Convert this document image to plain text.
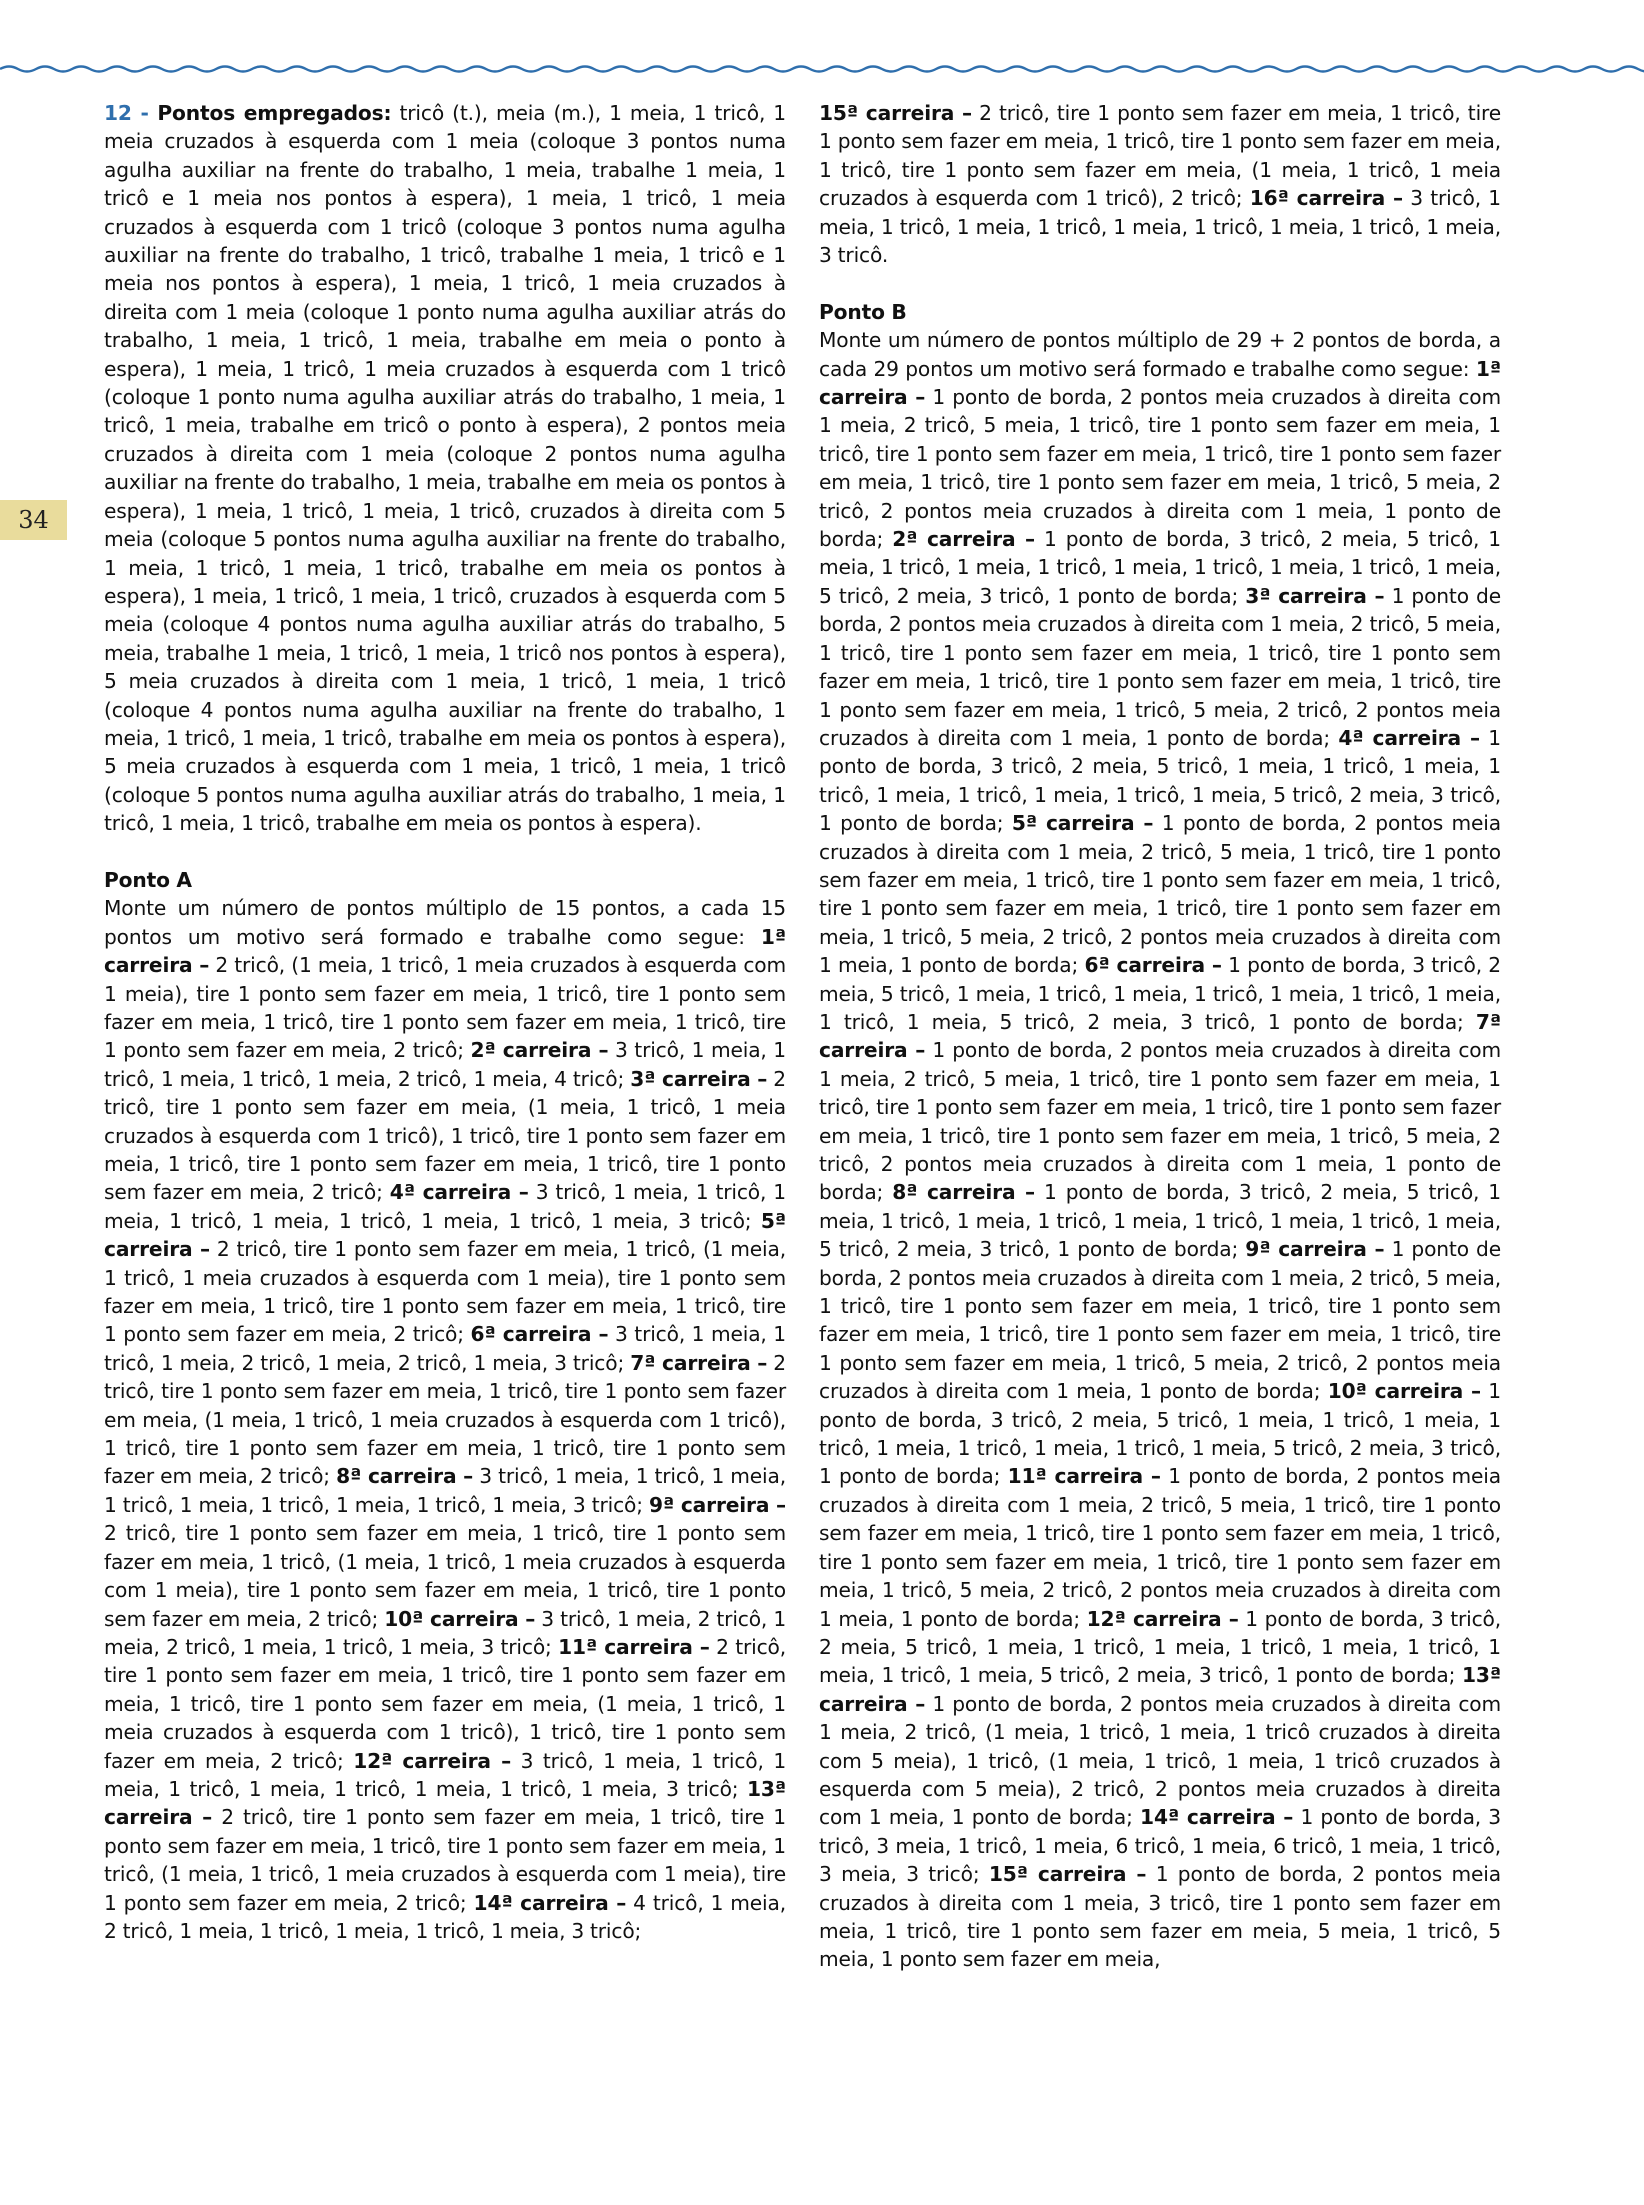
34

12 - Pontos empregados: tricô (t.), meia (m.), 1 meia, 1 tricô, 1 meia cruzados à esquerda com 1 meia (coloque 3 pontos numa agulha auxiliar na frente do trabalho, 1 meia, trabalhe 1 meia, 1 tricô e 1 meia nos pontos à espera), 1 meia, 1 tricô, 1 meia cruzados à esquerda com 1 tricô (coloque 3 pontos numa agulha auxiliar na frente do trabalho, 1 tricô, trabalhe 1 meia, 1 tricô e 1 meia nos pontos à espera), 1 meia, 1 tricô, 1 meia cruzados à direita com 1 meia (coloque 1 ponto numa agulha auxiliar atrás do trabalho, 1 meia, 1 tricô, 1 meia, trabalhe em meia o ponto à espera), 1 meia, 1 tricô, 1 meia cruzados à esquerda com 1 tricô (coloque 1 ponto numa agulha auxiliar atrás do trabalho, 1 meia, 1 tricô, 1 meia, trabalhe em tricô o ponto à espera), 2 pontos meia cruzados à direita com 1 meia (coloque 2 pontos numa agulha auxiliar na frente do trabalho, 1 meia, trabalhe em meia os pontos à espera), 1 meia, 1 tricô, 1 meia, 1 tricô, cruzados à direita com 5 meia (coloque 5 pontos numa agulha auxiliar na frente do trabalho, 1 meia, 1 tricô, 1 meia, 1 tricô, trabalhe em meia os pontos à espera), 1 meia, 1 tricô, 1 meia, 1 tricô, cruzados à esquerda com 5 meia (coloque 4 pontos numa agulha auxiliar atrás do trabalho, 5 meia, trabalhe 1 meia, 1 tricô, 1 meia, 1 tricô nos pontos à espera), 5 meia cruzados à direita com 1 meia, 1 tricô, 1 meia, 1 tricô (coloque 4 pontos numa agulha auxiliar na frente do trabalho, 1 meia, 1 tricô, 1 meia, 1 tricô, trabalhe em meia os pontos à espera), 5 meia cruzados à esquerda com 1 meia, 1 tricô, 1 meia, 1 tricô (coloque 5 pontos numa agulha auxiliar atrás do trabalho, 1 meia, 1 tricô, 1 meia, 1 tricô, trabalhe em meia os pontos à espera).

Ponto A

Monte um número de pontos múltiplo de 15 pontos, a cada 15 pontos um motivo será formado e trabalhe como segue: 1ª carreira – 2 tricô, (1 meia, 1 tricô, 1 meia cruzados à esquerda com 1 meia), tire 1 ponto sem fazer em meia, 1 tricô, tire 1 ponto sem fazer em meia, 1 tricô, tire 1 ponto sem fazer em meia, 1 tricô, tire 1 ponto sem fazer em meia, 2 tricô; 2ª carreira – 3 tricô, 1 meia, 1 tricô, 1 meia, 1 tricô, 1 meia, 2 tricô, 1 meia, 4 tricô; 3ª carreira – 2 tricô, tire 1 ponto sem fazer em meia, (1 meia, 1 tricô, 1 meia cruzados à esquerda com 1 tricô), 1 tricô, tire 1 ponto sem fazer em meia, 1 tricô, tire 1 ponto sem fazer em meia, 1 tricô, tire 1 ponto sem fazer em meia, 2 tricô; 4ª carreira – 3 tricô, 1 meia, 1 tricô, 1 meia, 1 tricô, 1 meia, 1 tricô, 1 meia, 1 tricô, 1 meia, 3 tricô; 5ª carreira – 2 tricô, tire 1 ponto sem fazer em meia, 1 tricô, (1 meia, 1 tricô, 1 meia cruzados à esquerda com 1 meia), tire 1 ponto sem fazer em meia, 1 tricô, tire 1 ponto sem fazer em meia, 1 tricô, tire 1 ponto sem fazer em meia, 2 tricô; 6ª carreira – 3 tricô, 1 meia, 1 tricô, 1 meia, 2 tricô, 1 meia, 2 tricô, 1 meia, 3 tricô; 7ª carreira – 2 tricô, tire 1 ponto sem fazer em meia, 1 tricô, tire 1 ponto sem fazer em meia, (1 meia, 1 tricô, 1 meia cruzados à esquerda com 1 tricô), 1 tricô, tire 1 ponto sem fazer em meia, 1 tricô, tire 1 ponto sem fazer em meia, 2 tricô; 8ª carreira – 3 tricô, 1 meia, 1 tricô, 1 meia, 1 tricô, 1 meia, 1 tricô, 1 meia, 1 tricô, 1 meia, 3 tricô; 9ª carreira – 2 tricô, tire 1 ponto sem fazer em meia, 1 tricô, tire 1 ponto sem fazer em meia, 1 tricô, (1 meia, 1 tricô, 1 meia cruzados à esquerda com 1 meia), tire 1 ponto sem fazer em meia, 1 tricô, tire 1 ponto sem fazer em meia, 2 tricô; 10ª carreira – 3 tricô, 1 meia, 2 tricô, 1 meia, 2 tricô, 1 meia, 1 tricô, 1 meia, 3 tricô; 11ª carreira – 2 tricô, tire 1 ponto sem fazer em meia, 1 tricô, tire 1 ponto sem fazer em meia, 1 tricô, tire 1 ponto sem fazer em meia, (1 meia, 1 tricô, 1 meia cruzados à esquerda com 1 tricô), 1 tricô, tire 1 ponto sem fazer em meia, 2 tricô; 12ª carreira – 3 tricô, 1 meia, 1 tricô, 1 meia, 1 tricô, 1 meia, 1 tricô, 1 meia, 1 tricô, 1 meia, 3 tricô; 13ª carreira – 2 tricô, tire 1 ponto sem fazer em meia, 1 tricô, tire 1 ponto sem fazer em meia, 1 tricô, tire 1 ponto sem fazer em meia, 1 tricô, (1 meia, 1 tricô, 1 meia cruzados à esquerda com 1 meia), tire 1 ponto sem fazer em meia, 2 tricô; 14ª carreira – 4 tricô, 1 meia, 2 tricô, 1 meia, 1 tricô, 1 meia, 1 tricô, 1 meia, 3 tricô;

15ª carreira – 2 tricô, tire 1 ponto sem fazer em meia, 1 tricô, tire 1 ponto sem fazer em meia, 1 tricô, tire 1 ponto sem fazer em meia, 1 tricô, tire 1 ponto sem fazer em meia, (1 meia, 1 tricô, 1 meia cruzados à esquerda com 1 tricô), 2 tricô; 16ª carreira – 3 tricô, 1 meia, 1 tricô, 1 meia, 1 tricô, 1 meia, 1 tricô, 1 meia, 1 tricô, 1 meia, 3 tricô.

Ponto B

Monte um número de pontos múltiplo de 29 + 2 pontos de borda, a cada 29 pontos um motivo será formado e trabalhe como segue: 1ª carreira – 1 ponto de borda, 2 pontos meia cruzados à direita com 1 meia, 2 tricô, 5 meia, 1 tricô, tire 1 ponto sem fazer em meia, 1 tricô, tire 1 ponto sem fazer em meia, 1 tricô, tire 1 ponto sem fazer em meia, 1 tricô, tire 1 ponto sem fazer em meia, 1 tricô, 5 meia, 2 tricô, 2 pontos meia cruzados à direita com 1 meia, 1 ponto de borda; 2ª carreira – 1 ponto de borda, 3 tricô, 2 meia, 5 tricô, 1 meia, 1 tricô, 1 meia, 1 tricô, 1 meia, 1 tricô, 1 meia, 1 tricô, 1 meia, 5 tricô, 2 meia, 3 tricô, 1 ponto de borda; 3ª carreira – 1 ponto de borda, 2 pontos meia cruzados à direita com 1 meia, 2 tricô, 5 meia, 1 tricô, tire 1 ponto sem fazer em meia, 1 tricô, tire 1 ponto sem fazer em meia, 1 tricô, tire 1 ponto sem fazer em meia, 1 tricô, tire 1 ponto sem fazer em meia, 1 tricô, 5 meia, 2 tricô, 2 pontos meia cruzados à direita com 1 meia, 1 ponto de borda; 4ª carreira – 1 ponto de borda, 3 tricô, 2 meia, 5 tricô, 1 meia, 1 tricô, 1 meia, 1 tricô, 1 meia, 1 tricô, 1 meia, 1 tricô, 1 meia, 5 tricô, 2 meia, 3 tricô, 1 ponto de borda; 5ª carreira – 1 ponto de borda, 2 pontos meia cruzados à direita com 1 meia, 2 tricô, 5 meia, 1 tricô, tire 1 ponto sem fazer em meia, 1 tricô, tire 1 ponto sem fazer em meia, 1 tricô, tire 1 ponto sem fazer em meia, 1 tricô, tire 1 ponto sem fazer em meia, 1 tricô, 5 meia, 2 tricô, 2 pontos meia cruzados à direita com 1 meia, 1 ponto de borda; 6ª carreira – 1 ponto de borda, 3 tricô, 2 meia, 5 tricô, 1 meia, 1 tricô, 1 meia, 1 tricô, 1 meia, 1 tricô, 1 meia, 1 tricô, 1 meia, 5 tricô, 2 meia, 3 tricô, 1 ponto de borda; 7ª carreira – 1 ponto de borda, 2 pontos meia cruzados à direita com 1 meia, 2 tricô, 5 meia, 1 tricô, tire 1 ponto sem fazer em meia, 1 tricô, tire 1 ponto sem fazer em meia, 1 tricô, tire 1 ponto sem fazer em meia, 1 tricô, tire 1 ponto sem fazer em meia, 1 tricô, 5 meia, 2 tricô, 2 pontos meia cruzados à direita com 1 meia, 1 ponto de borda; 8ª carreira – 1 ponto de borda, 3 tricô, 2 meia, 5 tricô, 1 meia, 1 tricô, 1 meia, 1 tricô, 1 meia, 1 tricô, 1 meia, 1 tricô, 1 meia, 5 tricô, 2 meia, 3 tricô, 1 ponto de borda; 9ª carreira – 1 ponto de borda, 2 pontos meia cruzados à direita com 1 meia, 2 tricô, 5 meia, 1 tricô, tire 1 ponto sem fazer em meia, 1 tricô, tire 1 ponto sem fazer em meia, 1 tricô, tire 1 ponto sem fazer em meia, 1 tricô, tire 1 ponto sem fazer em meia, 1 tricô, 5 meia, 2 tricô, 2 pontos meia cruzados à direita com 1 meia, 1 ponto de borda; 10ª carreira – 1 ponto de borda, 3 tricô, 2 meia, 5 tricô, 1 meia, 1 tricô, 1 meia, 1 tricô, 1 meia, 1 tricô, 1 meia, 1 tricô, 1 meia, 5 tricô, 2 meia, 3 tricô, 1 ponto de borda; 11ª carreira – 1 ponto de borda, 2 pontos meia cruzados à direita com 1 meia, 2 tricô, 5 meia, 1 tricô, tire 1 ponto sem fazer em meia, 1 tricô, tire 1 ponto sem fazer em meia, 1 tricô, tire 1 ponto sem fazer em meia, 1 tricô, tire 1 ponto sem fazer em meia, 1 tricô, 5 meia, 2 tricô, 2 pontos meia cruzados à direita com 1 meia, 1 ponto de borda; 12ª carreira – 1 ponto de borda, 3 tricô, 2 meia, 5 tricô, 1 meia, 1 tricô, 1 meia, 1 tricô, 1 meia, 1 tricô, 1 meia, 1 tricô, 1 meia, 5 tricô, 2 meia, 3 tricô, 1 ponto de borda; 13ª carreira – 1 ponto de borda, 2 pontos meia cruzados à direita com 1 meia, 2 tricô, (1 meia, 1 tricô, 1 meia, 1 tricô cruzados à direita com 5 meia), 1 tricô, (1 meia, 1 tricô, 1 meia, 1 tricô cruzados à esquerda com 5 meia), 2 tricô, 2 pontos meia cruzados à direita com 1 meia, 1 ponto de borda; 14ª carreira – 1 ponto de borda, 3 tricô, 3 meia, 1 tricô, 1 meia, 6 tricô, 1 meia, 6 tricô, 1 meia, 1 tricô, 3 meia, 3 tricô; 15ª carreira – 1 ponto de borda, 2 pontos meia cruzados à direita com 1 meia, 3 tricô, tire 1 ponto sem fazer em meia, 1 tricô, tire 1 ponto sem fazer em meia, 5 meia, 1 tricô, 5 meia, 1 ponto sem fazer em meia,
